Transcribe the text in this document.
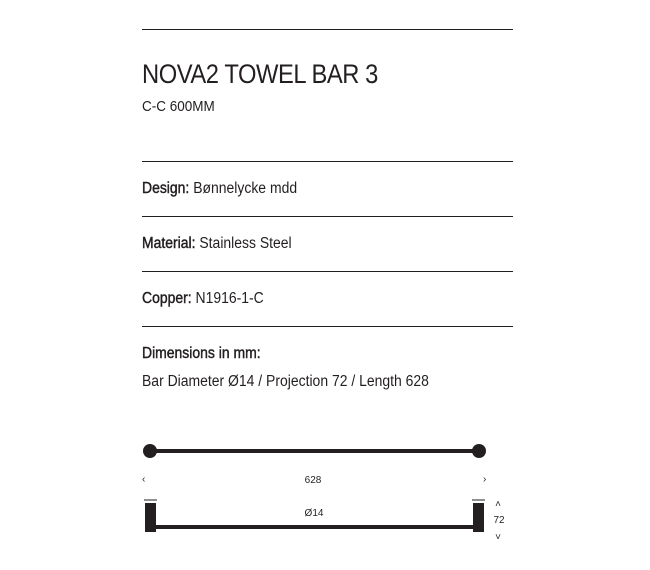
NOVA2 TOWEL BAR 3
C-C 600MM
Design: Bønnelycke mdd
Material: Stainless Steel
Copper: N1916-1-C
Dimensions in mm:
Bar Diameter Ø14 / Projection 72 / Length 628
‹	›
628
Ø14
˄
72
˅
